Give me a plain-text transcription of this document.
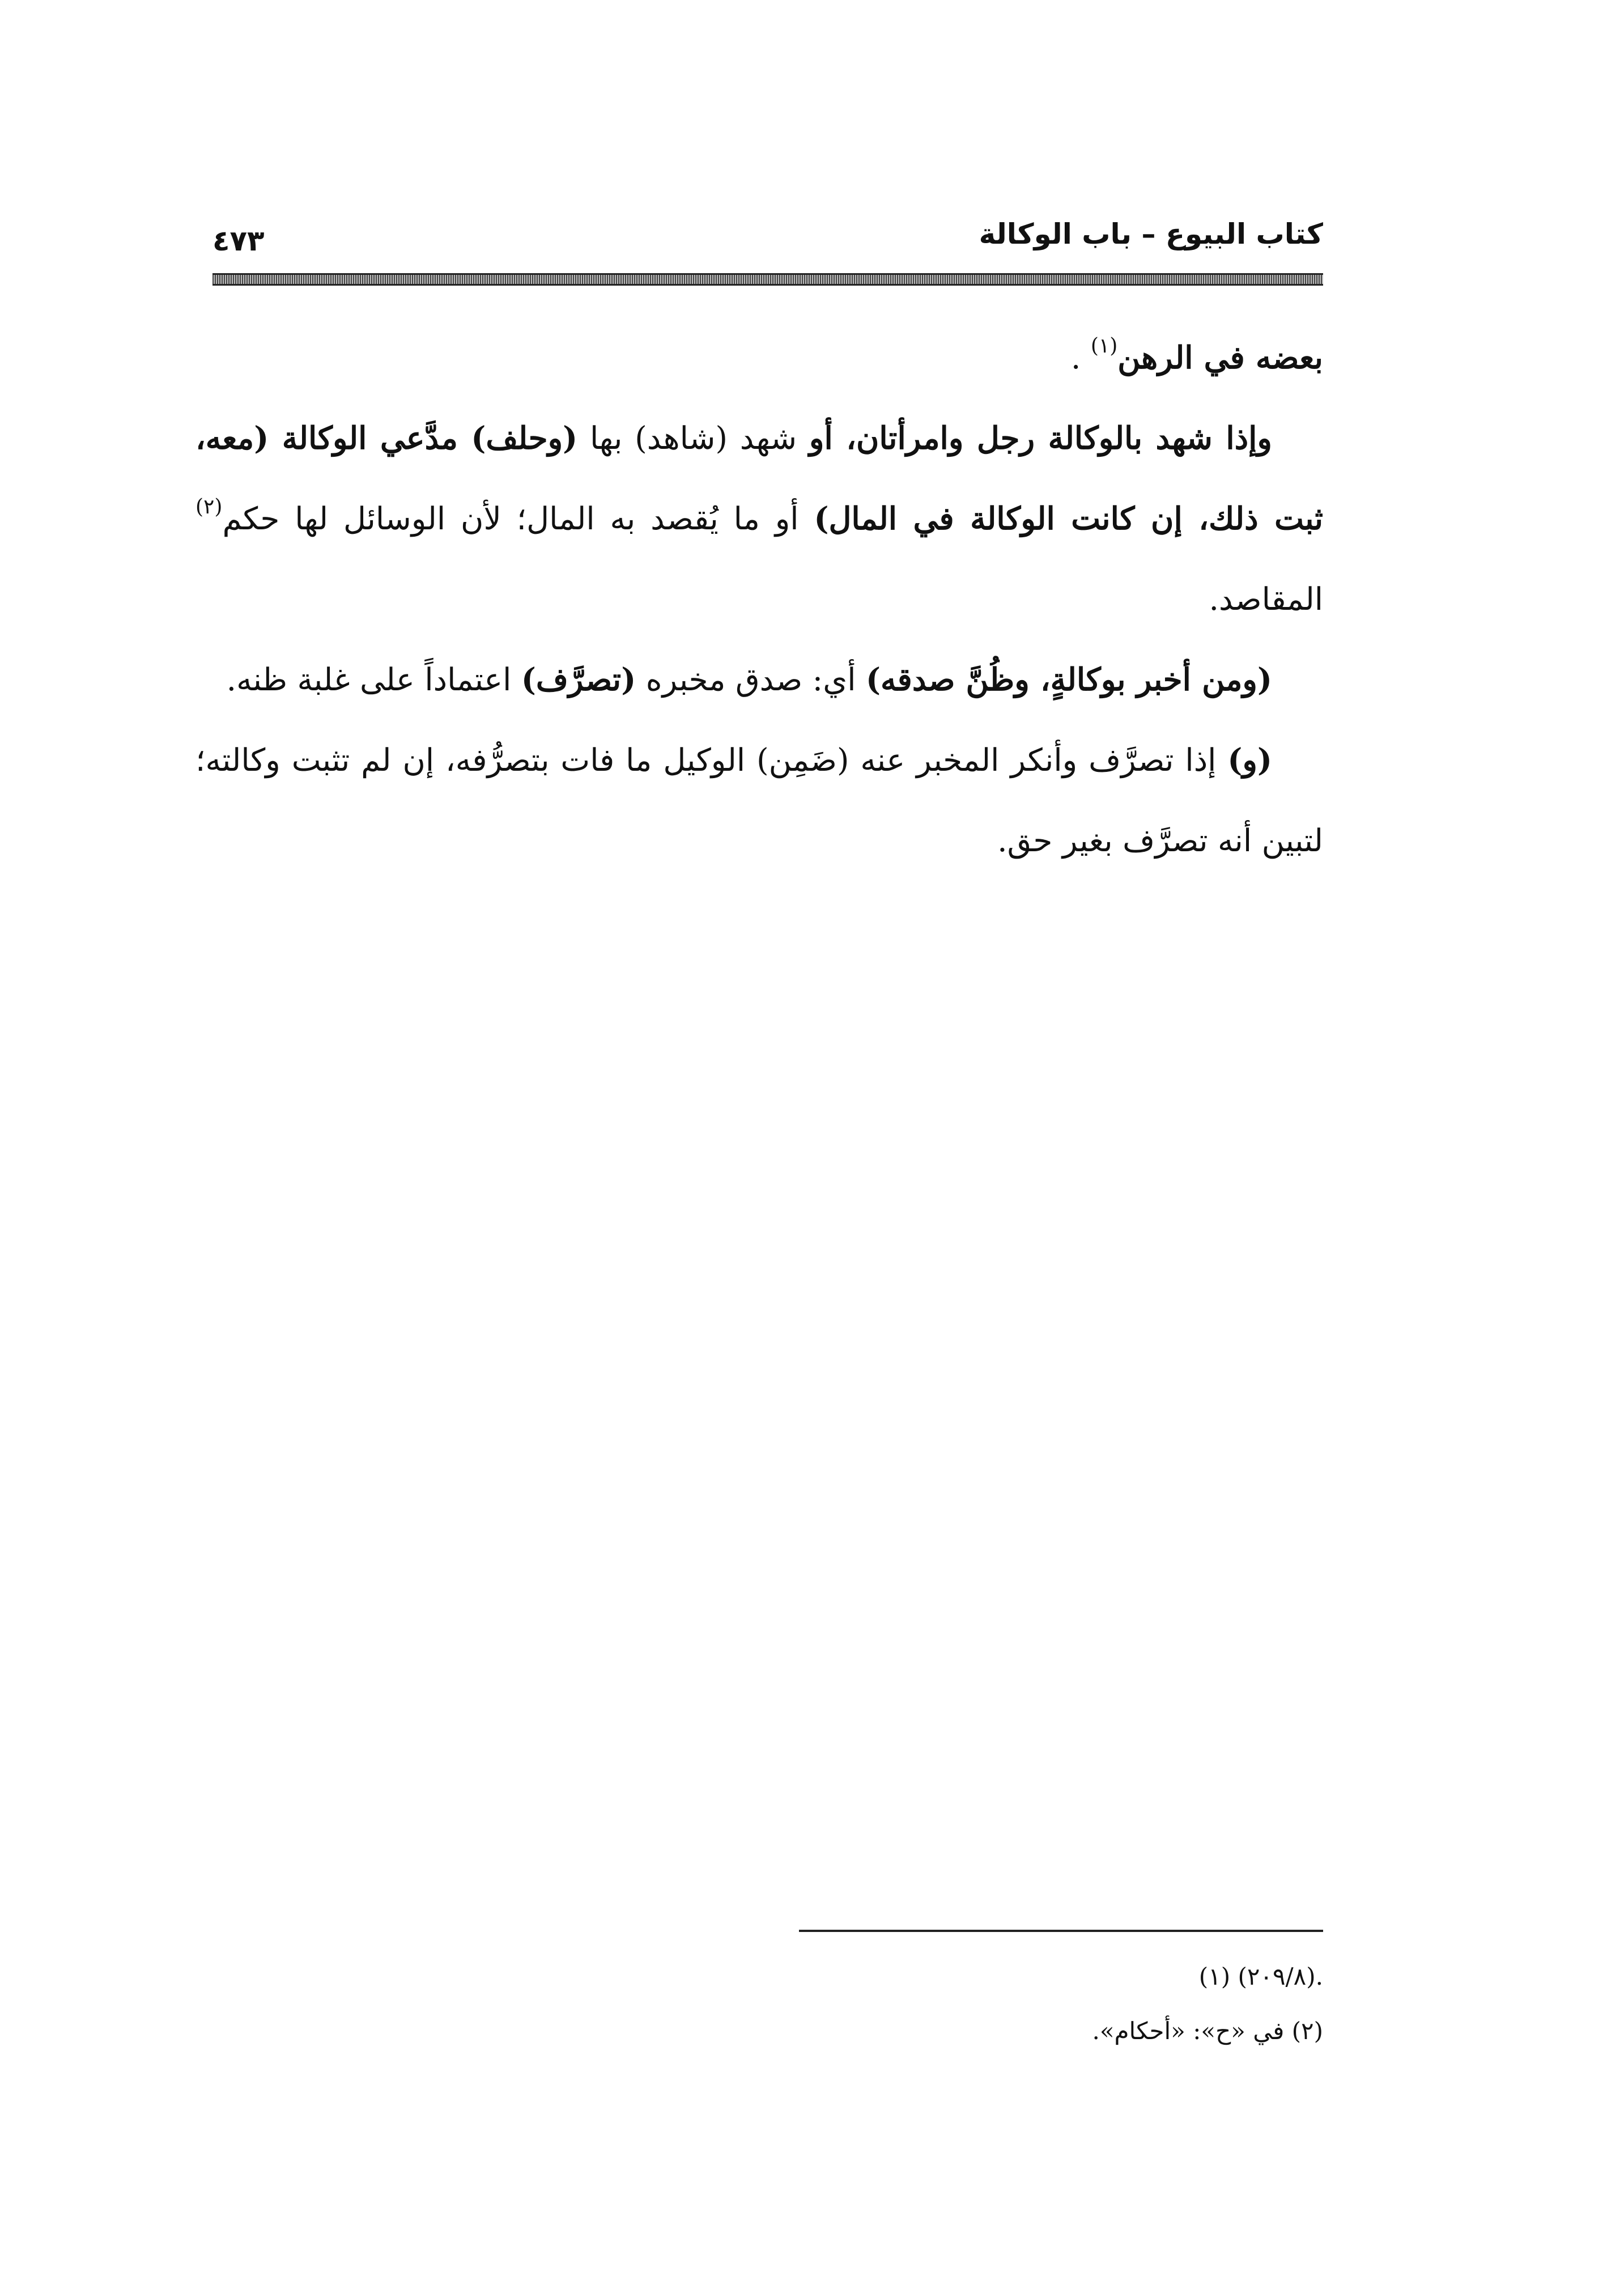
كتاب البيوع – باب الوكالة
٤٧٣

بعضه في الرهن$^{(١)}$ .

وإذا شهد بالوكالة رجل وامرأتان، أو شهد (شاهد) بها (وحلف) مدَّعي الوكالة (معه، ثبت ذلك، إن كانت الوكالة في المال) أو ما يُقصد به المال؛ لأن الوسائل لها حكم$^{(٢)}$ المقاصد.

(ومن أخبر بوكالةٍ، وظُنَّ صدقه) أي: صدق مخبره (تصرَّف) اعتماداً على غلبة ظنه.

(و) إذا تصرَّف وأنكر المخبر عنه (ضَمِن) الوكيل ما فات بتصرُّفه، إن لم تثبت وكالته؛ لتبين أنه تصرَّف بغير حق.

.(٢٠٩/٨) (١)

(٢) في «ح»: «أحكام».
